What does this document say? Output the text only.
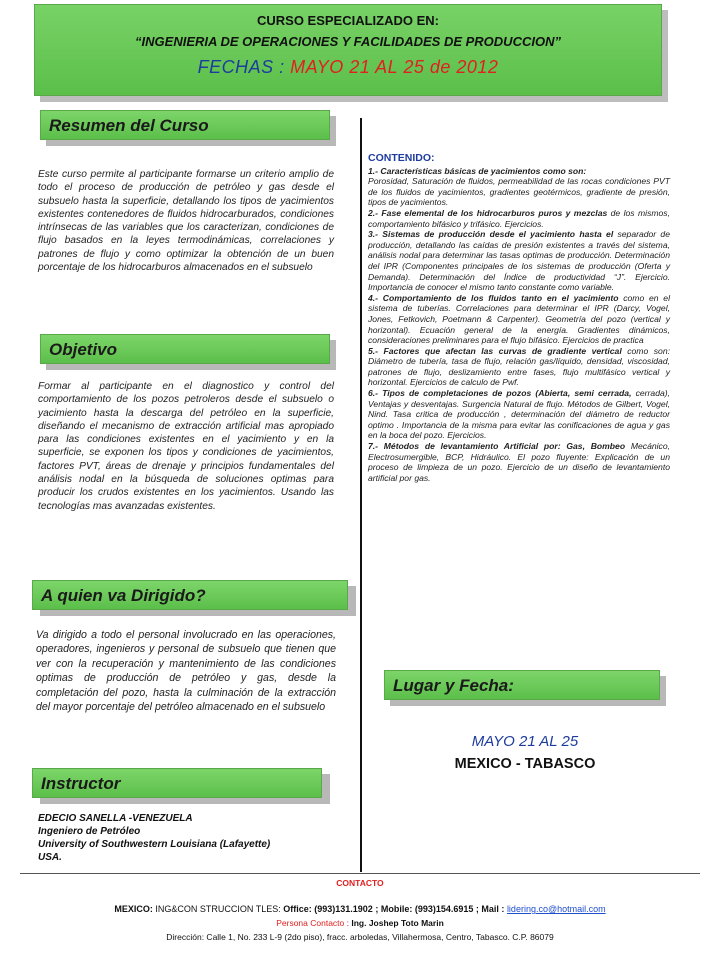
CURSO ESPECIALIZADO EN:
“INGENIERIA DE OPERACIONES Y FACILIDADES DE PRODUCCION”
FECHAS : MAYO 21 AL 25 de 2012
Resumen del Curso
Este curso permite al participante formarse un criterio amplio de todo el proceso de producción de petróleo y gas desde el subsuelo hasta la superficie, detallando los tipos de yacimientos existentes contenedores de fluidos hidrocarburados, condiciones intrínsecas de las variables que los caracterizan, condiciones de flujo basados en la leyes termodinámicas, correlaciones y patrones de flujo y como optimizar la obtención de un buen porcentaje de los hidrocarburos almacenados en el subsuelo
Objetivo
Formar al participante en el diagnostico y control del comportamiento de los pozos petroleros desde el subsuelo o yacimiento hasta la descarga del petróleo en la superficie, diseñando el mecanismo de extracción artificial mas apropiado para las condiciones existentes en el yacimiento y en la superficie, se exponen los tipos y condiciones de yacimientos, factores PVT, áreas de drenaje y principios fundamentales del análisis nodal en la búsqueda de soluciones optimas para producir los crudos existentes en los yacimientos. Usando las tecnologías mas avanzadas existentes.
A quien va Dirigido?
Va dirigido a todo el personal involucrado en las operaciones, operadores, ingenieros y personal de subsuelo que tienen que ver con la recuperación y mantenimiento de las condiciones optimas de producción de petróleo y gas, desde la completación del pozo, hasta la culminación de la extracción del mayor porcentaje del petróleo almacenado en el subsuelo
Instructor
EDECIO SANELLA -VENEZUELA
Ingeniero de Petróleo
University of Southwestern Louisiana (Lafayette)
USA.
CONTENIDO:

1.- Características básicas de yacimientos como son:
Porosidad, Saturación de fluidos, permeabilidad de las rocas condiciones PVT de los fluidos de yacimientos, gradientes geotérmicos, gradiente de presión, tipos de yacimientos.

2.- Fase elemental de los hidrocarburos puros y mezclas de los mismos, comportamiento bifásico y trifásico. Ejercicios.

3.- Sistemas de producción desde el yacimiento hasta el separador de producción, detallando las caídas de presión existentes a través del sistema, análisis nodal para determinar las tasas optimas de producción. Determinación del IPR (Componentes principales de los sistemas de producción (Oferta y Demanda). Determinación del Índice de productividad “J”. Ejercicio. Importancia de conocer el mismo tanto constante como variable.

4.- Comportamiento de los fluidos tanto en el yacimiento como en el sistema de tuberías. Correlaciones para determinar el IPR (Darcy, Vogel, Jones, Fetkovich, Poetmann & Carpenter). Geometría del pozo (vertical y horizontal). Ecuación general de la energía. Gradientes dinámicos, consideraciones preliminares para el flujo bifásico. Ejercicios de practica

5.- Factores que afectan las curvas de gradiente vertical como son: Diámetro de tubería, tasa de flujo, relación gas/líquido, densidad, viscosidad, patrones de flujo, deslizamiento entre fases, flujo multifásico vertical y horizontal. Ejercicios de calculo de Pwf.

6.- Tipos de completaciones de pozos (Abierta, semi cerrada, cerrada), Ventajas y desventajas. Surgencia Natural de flujo. Métodos de Gilbert, Vogel, Nind. Tasa critica de producción , determinación del diámetro de reductor optimo . Importancia de la misma para evitar las conificaciones de agua y gas en la boca del pozo. Ejercicios.

7.- Métodos de levantamiento Artificial por: Gas, Bombeo Mecánico, Electrosumergible, BCP, Hidráulico. El pozo fluyente: Explicación de un proceso de limpieza de un pozo. Ejercicio de un diseño de levantamiento artificial por gas.

Lugar y Fecha:
MAYO 21 AL 25
MEXICO - TABASCO
CONTACTO
MEXICO: ING&CON STRUCCION TLES: Office: (993)131.1902 ; Mobile: (993)154.6915 ; Mail : lidering.co@hotmail.com
Persona Contacto : Ing. Joshep Toto Marin
Dirección: Calle 1, No. 233 L-9 (2do piso), fracc. arboledas, Villahermosa, Centro, Tabasco. C.P. 86079
